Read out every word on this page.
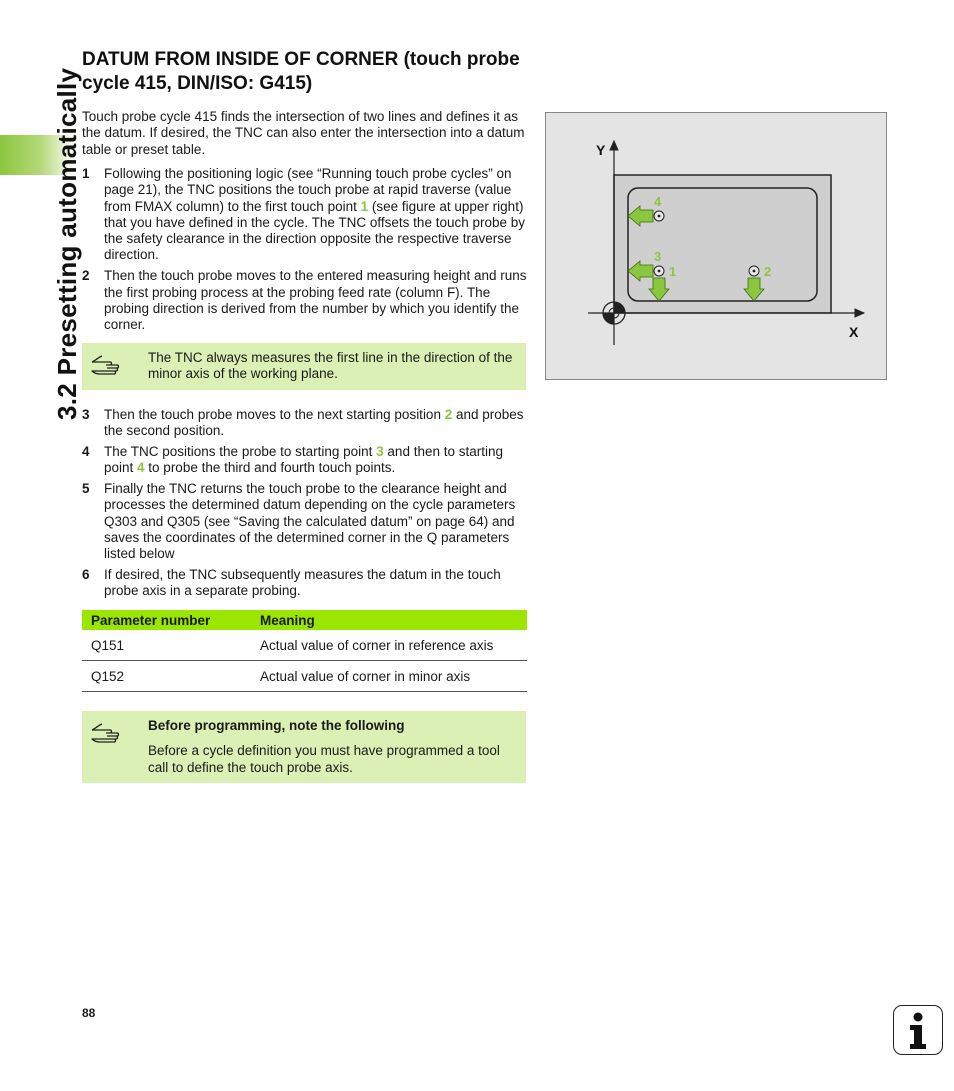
3.2 Presetting automatically
DATUM FROM INSIDE OF CORNER (touch probe cycle 415, DIN/ISO: G415)

Touch probe cycle 415 finds the intersection of two lines and defines it as the datum. If desired, the TNC can also enter the intersection into a datum table or preset table.

1 Following the positioning logic (see “Running touch probe cycles” on page 21), the TNC positions the touch probe at rapid traverse (value from FMAX column) to the first touch point 1 (see figure at upper right) that you have defined in the cycle. The TNC offsets the touch probe by the safety clearance in the direction opposite the respective traverse direction.
2 Then the touch probe moves to the entered measuring height and runs the first probing process at the probing feed rate (column F). The probing direction is derived from the number by which you identify the corner.
The TNC always measures the first line in the direction of the minor axis of the working plane.
3 Then the touch probe moves to the next starting position 2 and probes the second position.
4 The TNC positions the probe to starting point 3 and then to starting point 4 to probe the third and fourth touch points.
5 Finally the TNC returns the touch probe to the clearance height and processes the determined datum depending on the cycle parameters Q303 and Q305 (see “Saving the calculated datum” on page 64) and saves the coordinates of the determined corner in the Q parameters listed below
6 If desired, the TNC subsequently measures the datum in the touch probe axis in a separate probing.
Parameter number	Meaning
Q151	Actual value of corner in reference axis
Q152	Actual value of corner in minor axis
Before programming, note the following
Before a cycle definition you must have programmed a tool call to define the touch probe axis.
Y
X
4
3
1	2
88
